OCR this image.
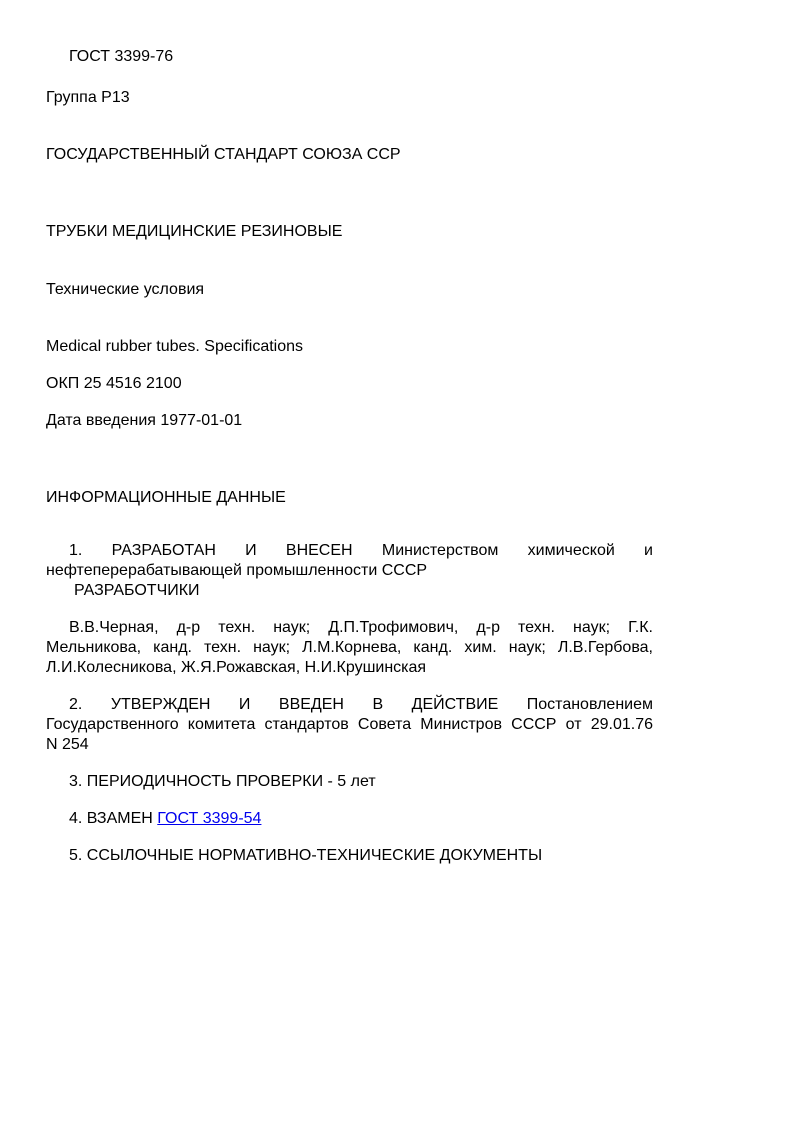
ГОСТ 3399-76
Группа Р13
ГОСУДАРСТВЕННЫЙ СТАНДАРТ СОЮЗА ССР
ТРУБКИ МЕДИЦИНСКИЕ РЕЗИНОВЫЕ
Технические условия
Medical rubber tubes. Specifications
ОКП 25 4516 2100
Дата введения 1977-01-01
ИНФОРМАЦИОННЫЕ ДАННЫЕ
1. РАЗРАБОТАН И ВНЕСЕН Министерством химической и
нефтеперерабатывающей промышленности СССР
РАЗРАБОТЧИКИ
В.В.Черная, д-р техн. наук; Д.П.Трофимович, д-р техн. наук; Г.К.
Мельникова, канд. техн. наук; Л.М.Корнева, канд. хим. наук; Л.В.Гербова,
Л.И.Колесникова, Ж.Я.Рожавская, Н.И.Крушинская
2. УТВЕРЖДЕН И ВВЕДЕН В ДЕЙСТВИЕ Постановлением
Государственного комитета стандартов Совета Министров СССР от 29.01.76
N 254
3. ПЕРИОДИЧНОСТЬ ПРОВЕРКИ - 5 лет
4. ВЗАМЕН ГОСТ 3399-54
5. ССЫЛОЧНЫЕ НОРМАТИВНО-ТЕХНИЧЕСКИЕ ДОКУМЕНТЫ
